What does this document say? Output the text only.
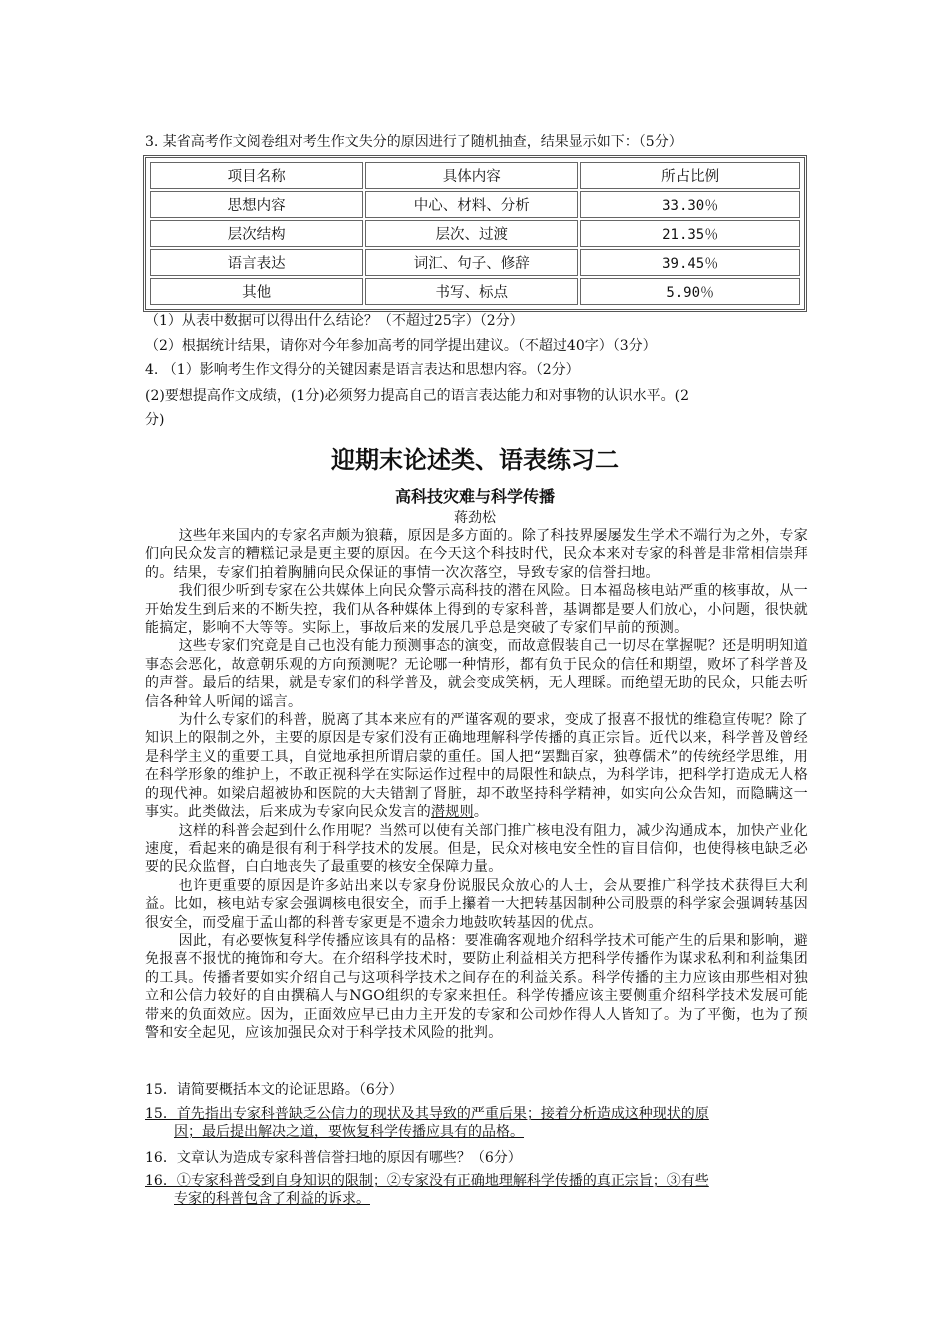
3. 某省高考作文阅卷组对考生作文失分的原因进行了随机抽查，结果显示如下：（5分）
项目名称	具体内容	所占比例
思想内容	中心、材料、分析	33.30％
层次结构	层次、过渡	21.35％
语言表达	词汇、句子、修辞	39.45％
其他	书写、标点	5.90％
（1）从表中数据可以得出什么结论？（不超过25字）（2分）
（2）根据统计结果，请你对今年参加高考的同学提出建议。（不超过40字）（3分）
4. （1）影响考生作文得分的关键因素是语言表达和思想内容。（2分）
(2)要想提高作文成绩，(1分)必须努力提高自己的语言表达能力和对事物的认识水平。(2
分)
迎期末论述类、语表练习二
高科技灾难与科学传播
蒋劲松

这些年来国内的专家名声颇为狼藉，原因是多方面的。除了科技界屡屡发生学术不端行为之外，专家们向民众发言的糟糕记录是更主要的原因。在今天这个科技时代，民众本来对专家的科普是非常相信崇拜的。结果，专家们拍着胸脯向民众保证的事情一次次落空，导致专家的信誉扫地。

我们很少听到专家在公共媒体上向民众警示高科技的潜在风险。日本福岛核电站严重的核事故，从一开始发生到后来的不断失控，我们从各种媒体上得到的专家科普，基调都是要人们放心，小问题，很快就能搞定，影响不大等等。实际上，事故后来的发展几乎总是突破了专家们早前的预测。

这些专家们究竟是自己也没有能力预测事态的演变，而故意假装自己一切尽在掌握呢？还是明明知道事态会恶化，故意朝乐观的方向预测呢？无论哪一种情形，都有负于民众的信任和期望，败坏了科学普及的声誉。最后的结果，就是专家们的科学普及，就会变成笑柄，无人理睬。而绝望无助的民众，只能去听信各种耸人听闻的谣言。

为什么专家们的科普，脱离了其本来应有的严谨客观的要求，变成了报喜不报忧的维稳宣传呢？除了知识上的限制之外，主要的原因是专家们没有正确地理解科学传播的真正宗旨。近代以来，科学普及曾经是科学主义的重要工具，自觉地承担所谓启蒙的重任。国人把“罢黜百家，独尊儒术”的传统经学思维，用在科学形象的维护上，不敢正视科学在实际运作过程中的局限性和缺点，为科学讳，把科学打造成无人格的现代神。如梁启超被协和医院的大夫错割了肾脏，却不敢坚持科学精神，如实向公众告知，而隐瞒这一事实。此类做法，后来成为专家向民众发言的潜规则。

这样的科普会起到什么作用呢？当然可以使有关部门推广核电没有阻力，减少沟通成本，加快产业化速度，看起来的确是很有利于科学技术的发展。但是，民众对核电安全性的盲目信仰，也使得核电缺乏必要的民众监督，白白地丧失了最重要的核安全保障力量。

也许更重要的原因是许多站出来以专家身份说服民众放心的人士，会从要推广科学技术获得巨大利益。比如，核电站专家会强调核电很安全，而手上攥着一大把转基因制种公司股票的科学家会强调转基因很安全，而受雇于孟山都的科普专家更是不遗余力地鼓吹转基因的优点。

因此，有必要恢复科学传播应该具有的品格：要准确客观地介绍科学技术可能产生的后果和影响，避免报喜不报忧的掩饰和夸大。在介绍科学技术时，要防止利益相关方把科学传播作为谋求私利和利益集团的工具。传播者要如实介绍自己与这项科学技术之间存在的利益关系。科学传播的主力应该由那些相对独立和公信力较好的自由撰稿人与NGO组织的专家来担任。科学传播应该主要侧重介绍科学技术发展可能带来的负面效应。因为，正面效应早已由力主开发的专家和公司炒作得人人皆知了。为了平衡，也为了预警和安全起见，应该加强民众对于科学技术风险的批判。

15．请简要概括本文的论证思路。（6分）
15．首先指出专家科普缺乏公信力的现状及其导致的严重后果；接着分析造成这种现状的原
因；最后提出解决之道，要恢复科学传播应具有的品格。
16．文章认为造成专家科普信誉扫地的原因有哪些？（6分）
16．①专家科普受到自身知识的限制；②专家没有正确地理解科学传播的真正宗旨；③有些
专家的科普包含了利益的诉求。
